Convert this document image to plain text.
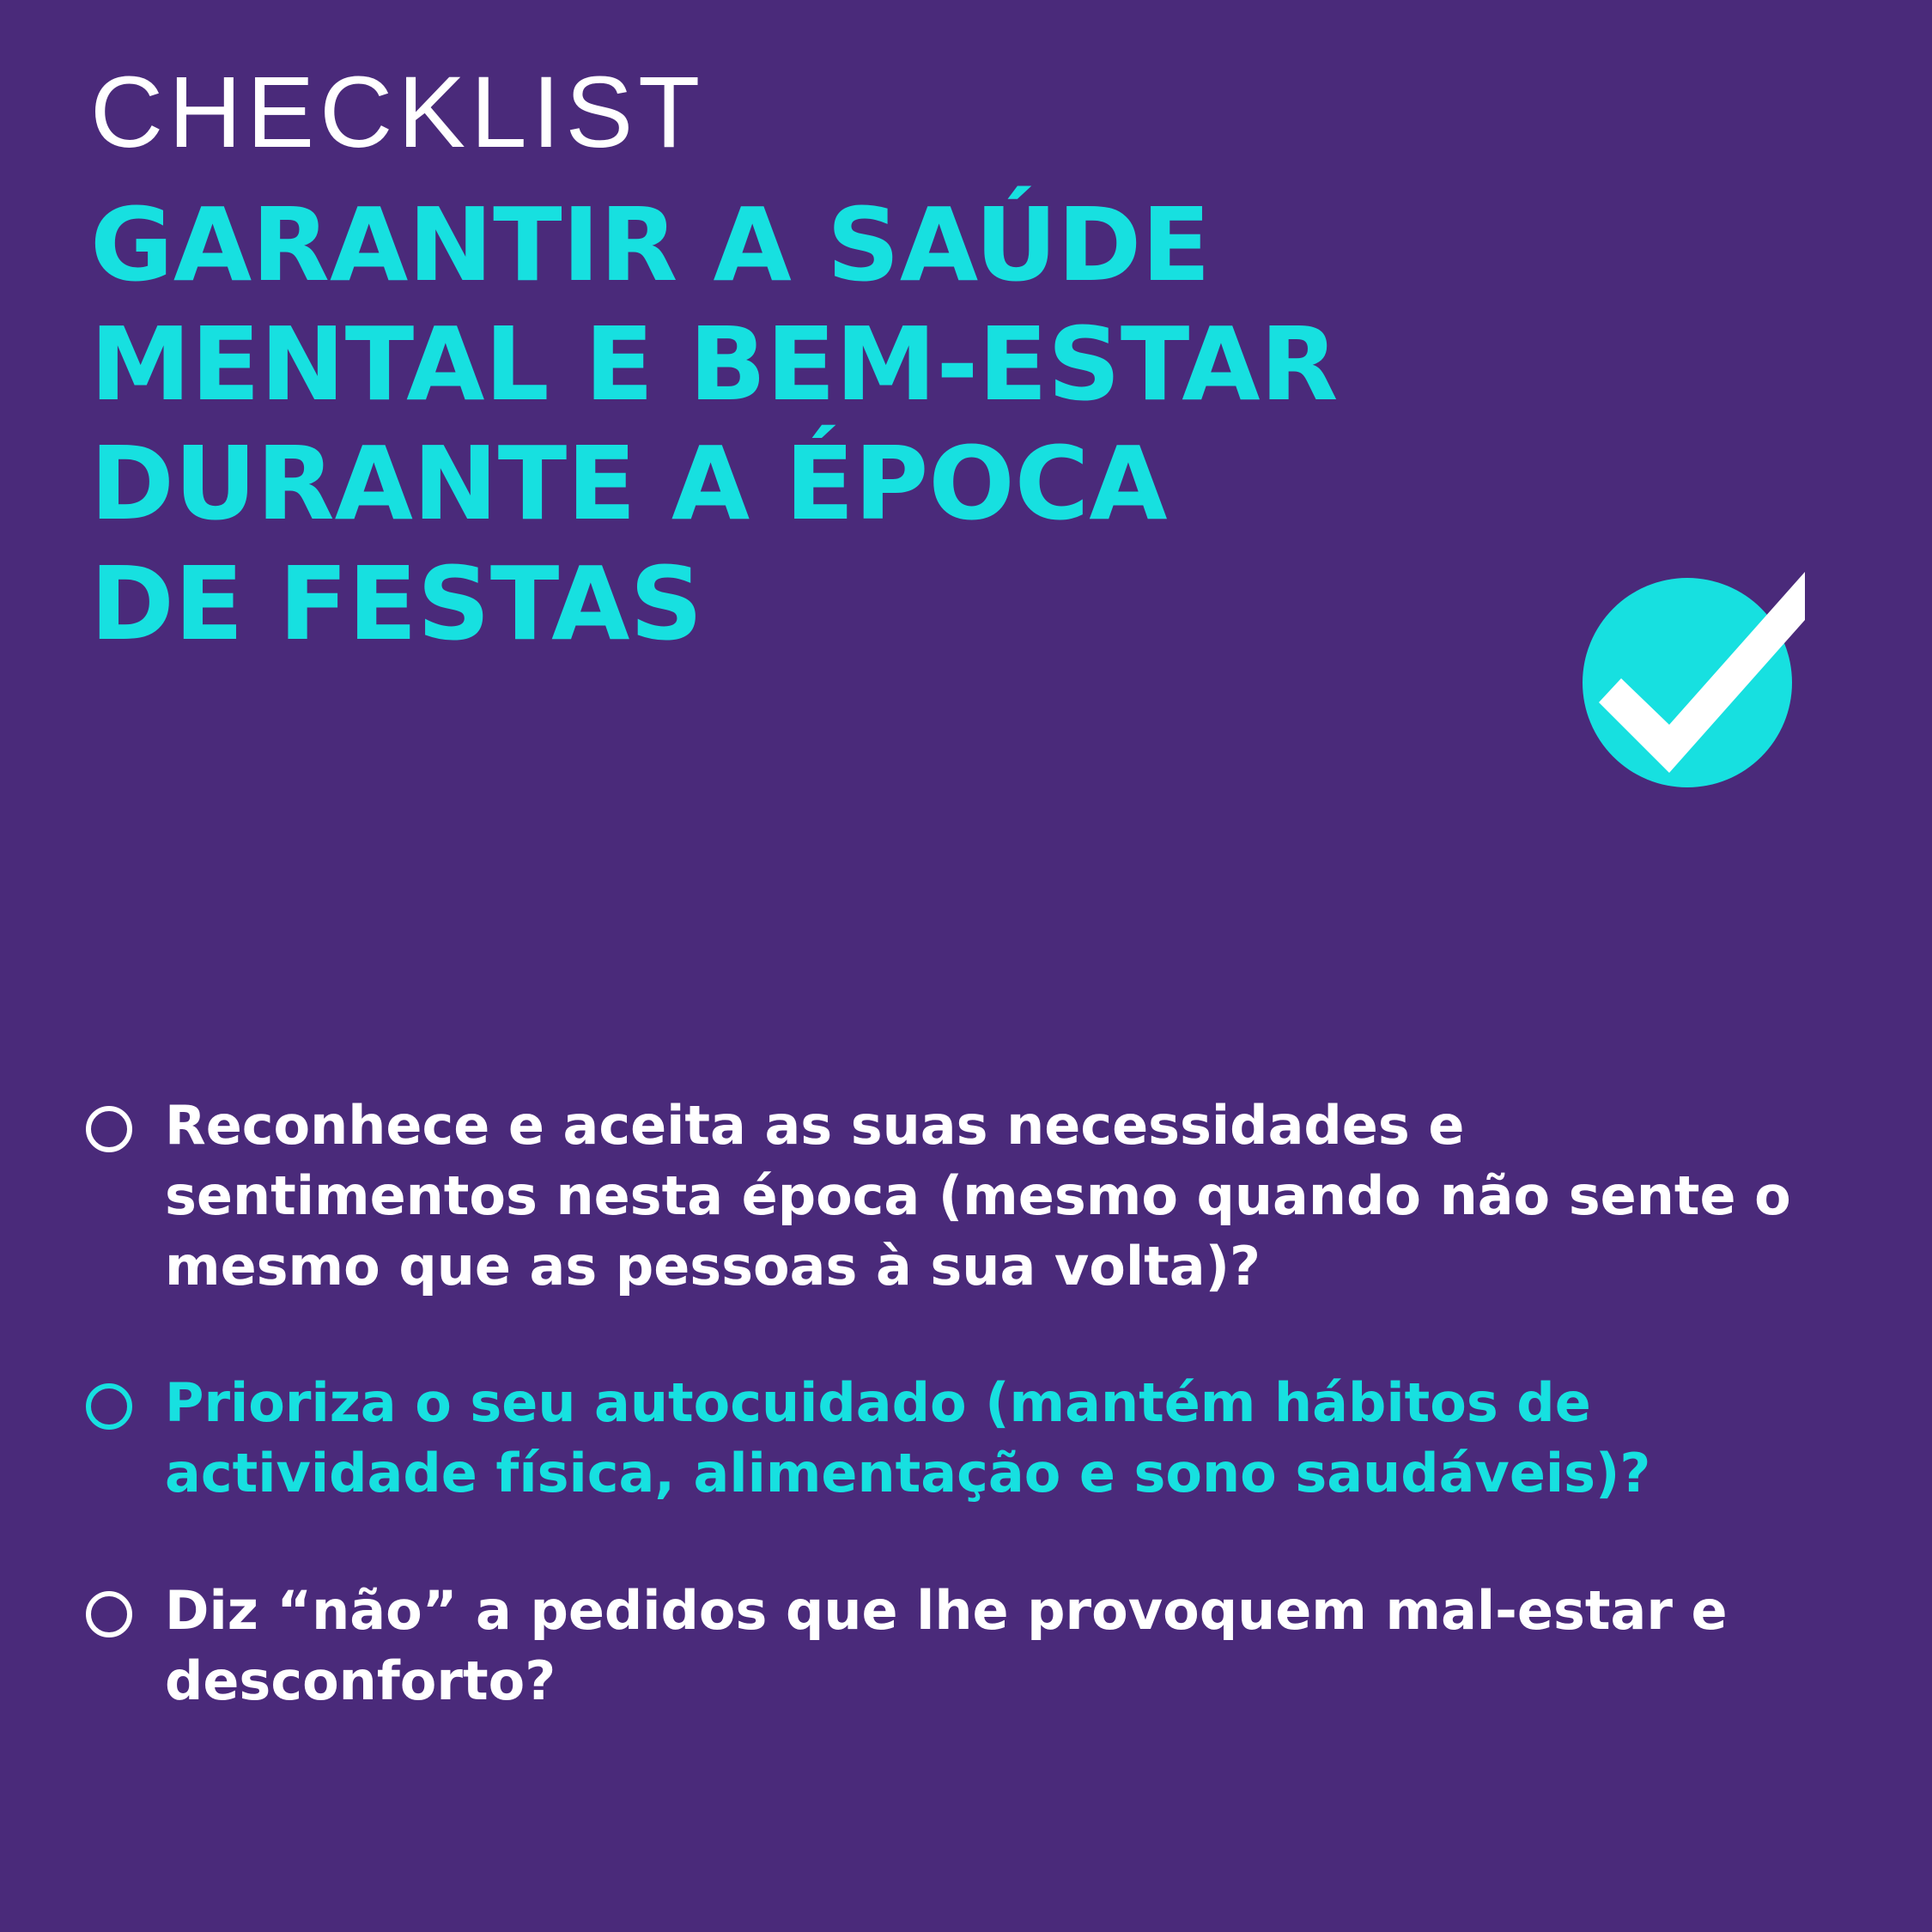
CHECKLIST
GARANTIR A SAÚDE
MENTAL E BEM-ESTAR
DURANTE A ÉPOCA
DE FESTAS
Reconhece e aceita as suas necessidades e sentimentos nesta época (mesmo quando não sente o mesmo que as pessoas à sua volta)?
Prioriza o seu autocuidado (mantém hábitos de actividade física, alimentação e sono saudáveis)?
Diz “não” a pedidos que lhe provoquem mal-estar e desconforto?
